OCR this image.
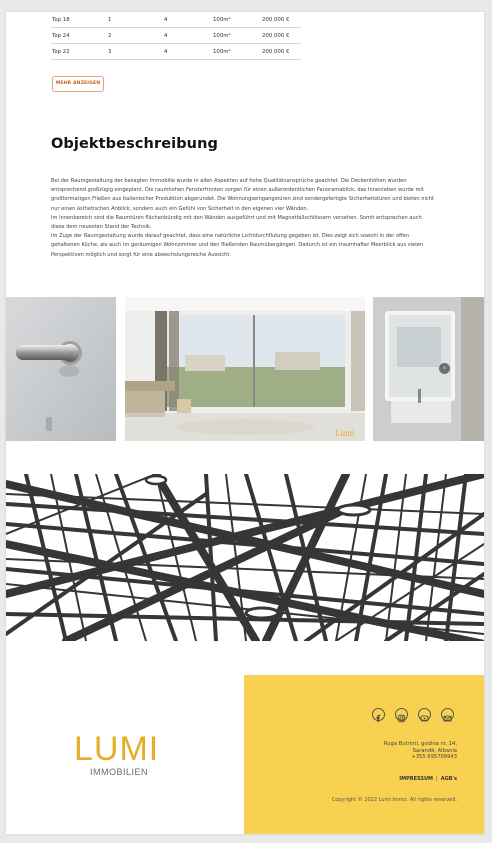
Top 18	1	4	100m²	200.000 €
Top 24	2	4	100m²	200.000 €
Top 22	3	4	100m²	200.000 €
MEHR ANZEIGEN
Objektbeschreibung

Bei der Raumgestaltung der besagten Immobilie wurde in allen Aspekten auf hohe Qualitätsansprüche geachtet. Die Deckenhöhen wurden entsprechend großzügig eingeplant. Die raumhohen Fensterfronten sorgen für einen außerordentlichen Panoramablick, das Innenleben wurde mit großformatigen Fließen aus italienischer Produktion abgerundet. Die Wohnungseingangstüren sind sondergefertigte Sicherheitstüren und bieten nicht nur einen ästhetischen Anblick, sondern auch ein Gefühl von Sicherheit in den eigenen vier Wänden.

Im Innenbereich sind die Raumtüren flächenbündig mit den Wänden ausgeführt und mit Magnetfallschlössern versehen. Somit entsprechen auch diese dem neuesten Stand der Technik.

Im Zuge der Raumgestaltung wurde darauf geachtet, dass eine natürliche Lichtdurchflutung gegeben ist. Dies zeigt sich sowohl in der offen gehaltenen Küche, als auch im geräumigen Wohnzimmer und den fließenden Raumübergängen. Dadurch ist ein traumhafter Meerblick aus vielen Perspektiven möglich und sorgt für eine abwechslungsreiche Aussicht.

Lumi
›
LUMI
IMMOBILIEN
Ruga Butrinti, godina nr. 14,
Sarandë, Albania
+355 695709943
IMPRESSUM | AGB's
Copyright © 2022 Lumi Immo. All rights reserved.
